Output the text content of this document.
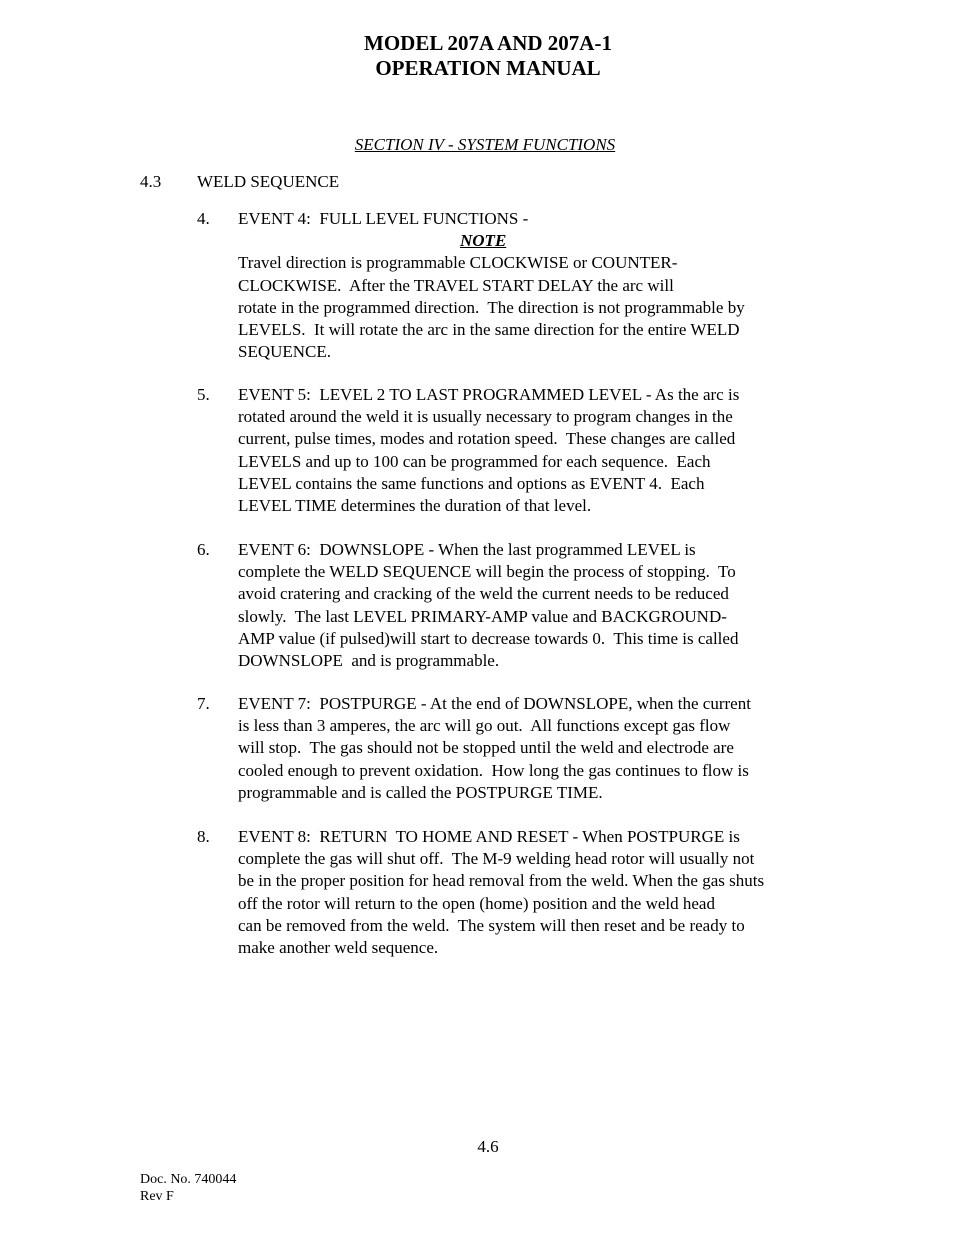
MODEL 207A AND 207A-1
OPERATION MANUAL
SECTION IV - SYSTEM FUNCTIONS
4.3 WELD SEQUENCE
NOTE
4. EVENT 4:  FULL LEVEL FUNCTIONS -
Travel direction is programmable CLOCKWISE or COUNTER-
CLOCKWISE.  After the TRAVEL START DELAY the arc will
rotate in the programmed direction.  The direction is not programmable by
LEVELS.  It will rotate the arc in the same direction for the entire WELD
SEQUENCE.
5. EVENT 5:  LEVEL 2 TO LAST PROGRAMMED LEVEL - As the arc is
rotated around the weld it is usually necessary to program changes in the
current, pulse times, modes and rotation speed.  These changes are called
LEVELS and up to 100 can be programmed for each sequence.  Each
LEVEL contains the same functions and options as EVENT 4.  Each
LEVEL TIME determines the duration of that level.
6. EVENT 6:  DOWNSLOPE - When the last programmed LEVEL is
complete the WELD SEQUENCE will begin the process of stopping.  To
avoid cratering and cracking of the weld the current needs to be reduced
slowly.  The last LEVEL PRIMARY-AMP value and BACKGROUND-
AMP value (if pulsed)will start to decrease towards 0.  This time is called
DOWNSLOPE  and is programmable.
7. EVENT 7:  POSTPURGE - At the end of DOWNSLOPE, when the current
is less than 3 amperes, the arc will go out.  All functions except gas flow
will stop.  The gas should not be stopped until the weld and electrode are
cooled enough to prevent oxidation.  How long the gas continues to flow is
programmable and is called the POSTPURGE TIME.
8. EVENT 8:  RETURN  TO HOME AND RESET - When POSTPURGE is
complete the gas will shut off.  The M-9 welding head rotor will usually not
be in the proper position for head removal from the weld. When the gas shuts
off the rotor will return to the open (home) position and the weld head
can be removed from the weld.  The system will then reset and be ready to
make another weld sequence.
4.6
Doc. No. 740044
Rev F
